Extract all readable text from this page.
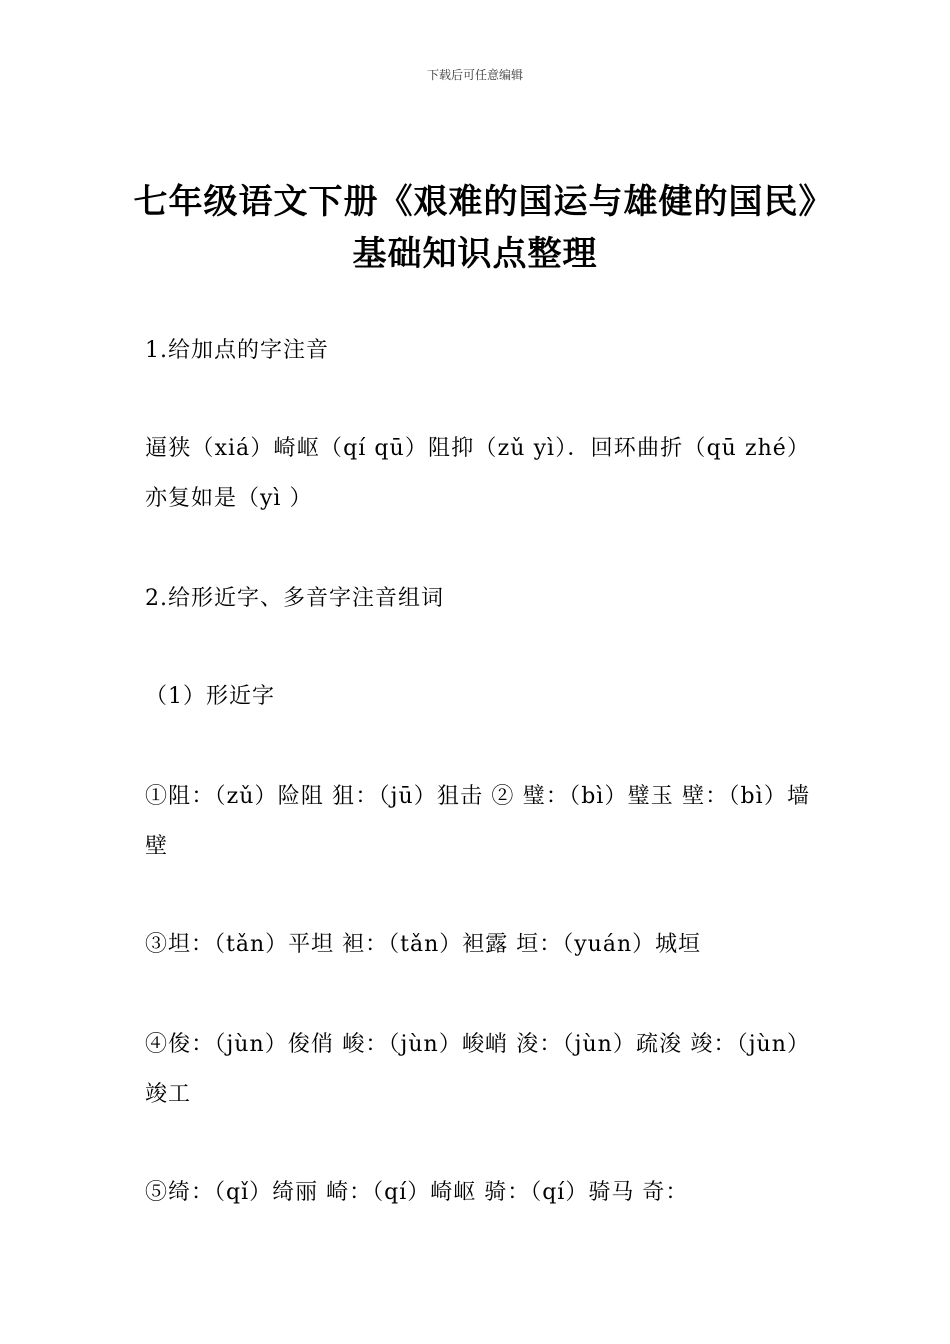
下载后可任意编辑
七年级语文下册《艰难的国运与雄健的国民》基础知识点整理
1.给加点的字注音
逼狭（xiá）崎岖（qí qū）阻抑（zǔ yì）．回环曲折（qū zhé）亦复如是（yì ）
2.给形近字、多音字注音组词
（1）形近字
①阻：（zǔ）险阻 狙：（jū）狙击 ② 璧：（bì）璧玉 壁：（bì）墙壁
③坦：（tǎn）平坦 袒：（tǎn）袒露 垣：（yuán）城垣
④俊：（jùn）俊俏 峻：（jùn）峻峭 浚：（jùn）疏浚 竣：（jùn）竣工
⑤绮：（qǐ）绮丽 崎：（qí）崎岖 骑：（qí）骑马 奇：
